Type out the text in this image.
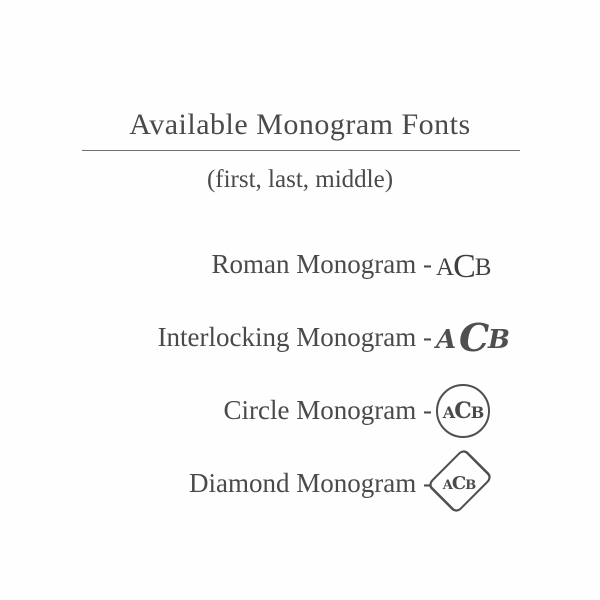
Available Monogram Fonts
(first, last, middle)
Roman Monogram - A C B
Interlocking Monogram - A C
B
Circle Monogram - A C B
Diamond Monogram - A C B
